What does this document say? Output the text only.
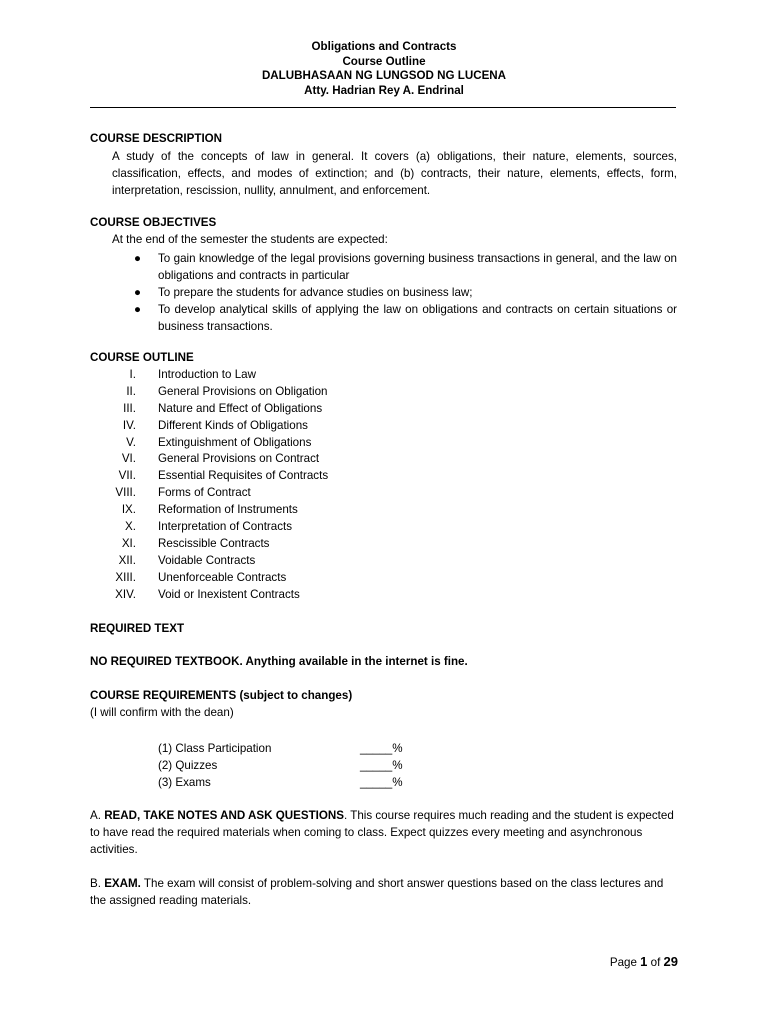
Obligations and Contracts
Course Outline
DALUBHASAAN NG LUNGSOD NG LUCENA
Atty. Hadrian Rey A. Endrinal
COURSE DESCRIPTION
A study of the concepts of law in general. It covers (a) obligations, their nature, elements, sources, classification, effects, and modes of extinction; and (b) contracts, their nature, elements, effects, form, interpretation, rescission, nullity, annulment, and enforcement.
COURSE OBJECTIVES
At the end of the semester the students are expected:
● To gain knowledge of the legal provisions governing business transactions in general, and the law on obligations and contracts in particular
● To prepare the students for advance studies on business law;
● To develop analytical skills of applying the law on obligations and contracts on certain situations or business transactions.
COURSE OUTLINE
I. Introduction to Law
II. General Provisions on Obligation
III. Nature and Effect of Obligations
IV. Different Kinds of Obligations
V. Extinguishment of Obligations
VI. General Provisions on Contract
VII. Essential Requisites of Contracts
VIII. Forms of Contract
IX. Reformation of Instruments
X. Interpretation of Contracts
XI. Rescissible Contracts
XII. Voidable Contracts
XIII. Unenforceable Contracts
XIV. Void or Inexistent Contracts
REQUIRED TEXT
NO REQUIRED TEXTBOOK. Anything available in the internet is fine.
COURSE REQUIREMENTS (subject to changes)
(I will confirm with the dean)
(1) Class Participation	_____%
(2) Quizzes	_____%
(3) Exams	_____%
A. READ, TAKE NOTES AND ASK QUESTIONS. This course requires much reading and the student is expected to have read the required materials when coming to class. Expect quizzes every meeting and asynchronous activities.
B. EXAM. The exam will consist of problem-solving and short answer questions based on the class lectures and the assigned reading materials.
Page 1 of 29
